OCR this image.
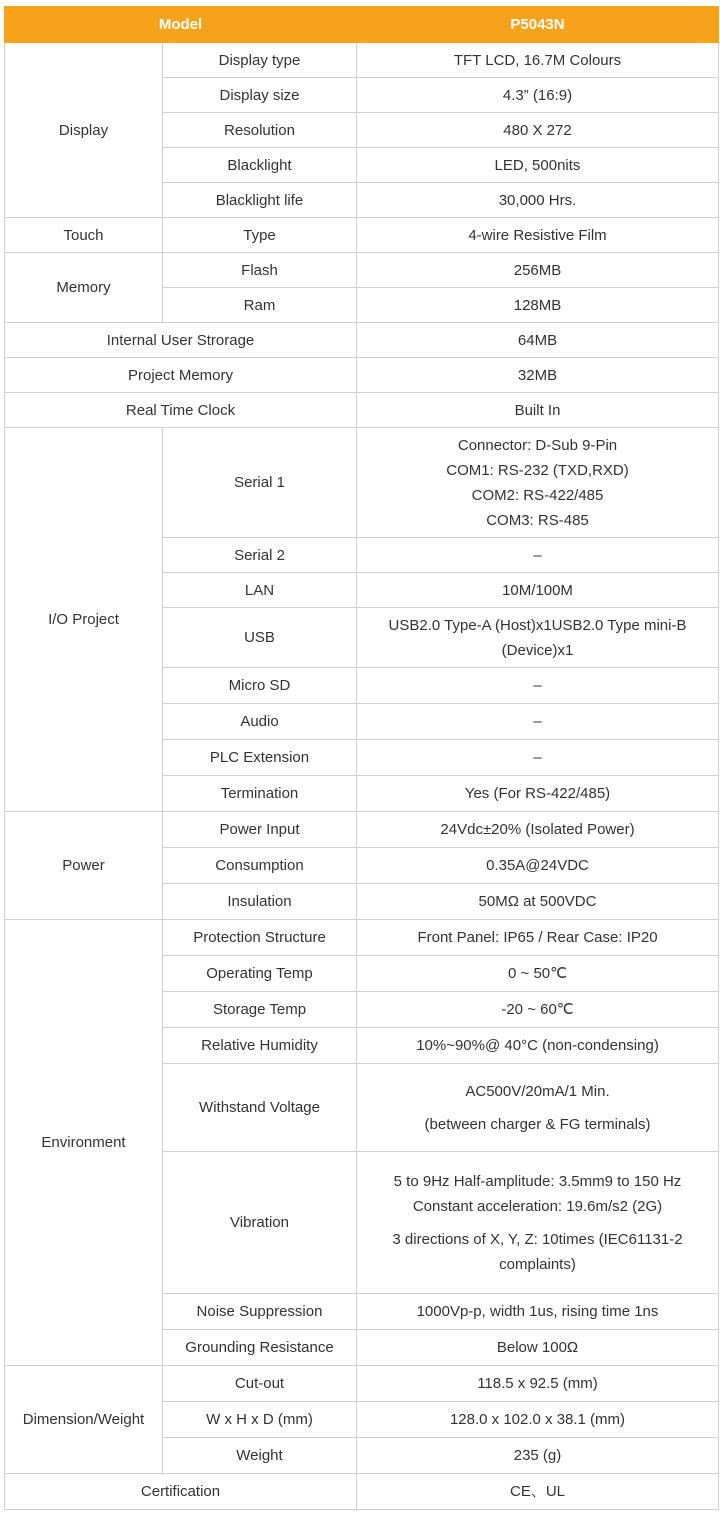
Model		P5043N
Display	Display type	TFT LCD, 16.7M Colours
	Display size	4.3” (16:9)
	Resolution	480 X 272
	Blacklight	LED, 500nits
	Blacklight life	30,000 Hrs.
Touch	Type	4-wire Resistive Film
Memory	Flash	256MB
	Ram	128MB
Internal User Strorage		64MB
Project Memory		32MB
Real Time Clock		Built In
I/O Project	Serial 1	Connector: D-Sub 9-Pin
COM1: RS-232 (TXD,RXD)
COM2: RS-422/485
COM3: RS-485

	Serial 2	–
	LAN	10M/100M
	USB	USB2.0 Type-A (Host)x1USB2.0 Type mini-B
(Device)x1

	Micro SD	–
	Audio	–
	PLC Extension	–
	Termination	Yes (For RS-422/485)
Power	Power Input	24Vdc±20% (Isolated Power)
	Consumption	0.35A@24VDC
	Insulation	50MΩ at 500VDC
Environment	Protection Structure	Front Panel: IP65 / Rear Case: IP20
	Operating Temp	0 ~ 50℃
	Storage Temp	-20 ~ 60℃
	Relative Humidity	10%~90%@ 40°C (non-condensing)
	Withstand Voltage	AC500V/20mA/1 Min.
(between charger & FG terminals)

	Vibration	5 to 9Hz Half-amplitude: 3.5mm9 to 150 Hz
Constant acceleration: 19.6m/s2 (2G)
3 directions of X, Y, Z: 10times (IEC61131-2
complaints)

	Noise Suppression	1000Vp-p, width 1us, rising time 1ns
	Grounding Resistance	Below 100Ω
Dimension/Weight	Cut-out	118.5 x 92.5 (mm)
	W x H x D (mm)	128.0 x 102.0 x 38.1 (mm)
	Weight	235 (g)
Certification		CE、UL
